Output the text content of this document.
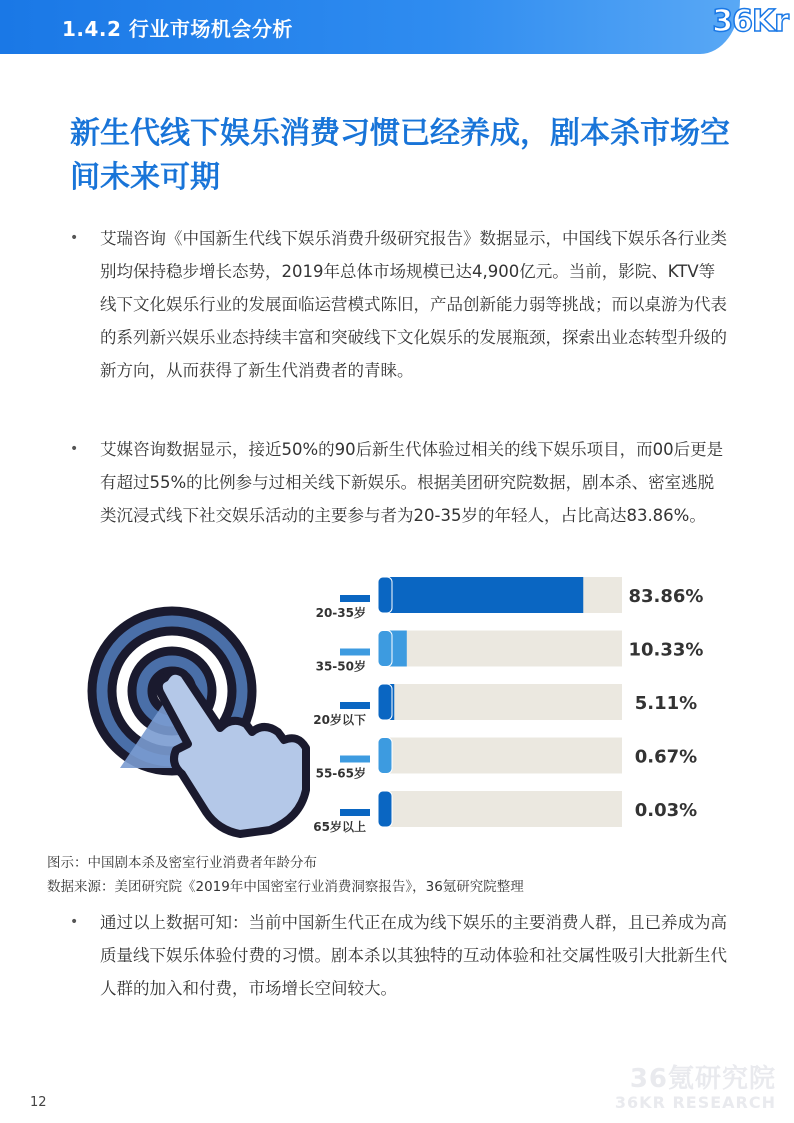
1.4.2 行业市场机会分析	36Kr
新生代线下娱乐消费习惯已经养成，剧本杀市场空间未来可期
• 艾瑞咨询《中国新生代线下娱乐消费升级研究报告》数据显示，中国线下娱乐各行业类别均保持稳步增长态势，2019年总体市场规模已达4,900亿元。当前，影院、KTV等线下文化娱乐行业的发展面临运营模式陈旧，产品创新能力弱等挑战；而以桌游为代表的系列新兴娱乐业态持续丰富和突破线下文化娱乐的发展瓶颈，探索出业态转型升级的新方向，从而获得了新生代消费者的青睐。
• 艾媒咨询数据显示，接近50%的90后新生代体验过相关的线下娱乐项目，而00后更是有超过55%的比例参与过相关线下新娱乐。根据美团研究院数据，剧本杀、密室逃脱类沉浸式线下社交娱乐活动的主要参与者为20-35岁的年轻人，占比高达83.86%。
20-35岁
83.86%
35-50岁
10.33%
20岁以下
5.11%
55-65岁
0.67%
65岁以上
0.03%
图示：中国剧本杀及密室行业消费者年龄分布
数据来源：美团研究院《2019年中国密室行业消费洞察报告》，36氪研究院整理
• 通过以上数据可知：当前中国新生代正在成为线下娱乐的主要消费人群，且已养成为高质量线下娱乐体验付费的习惯。剧本杀以其独特的互动体验和社交属性吸引大批新生代人群的加入和付费，市场增长空间较大。
36氪研究院
36KR RESEARCH
12
